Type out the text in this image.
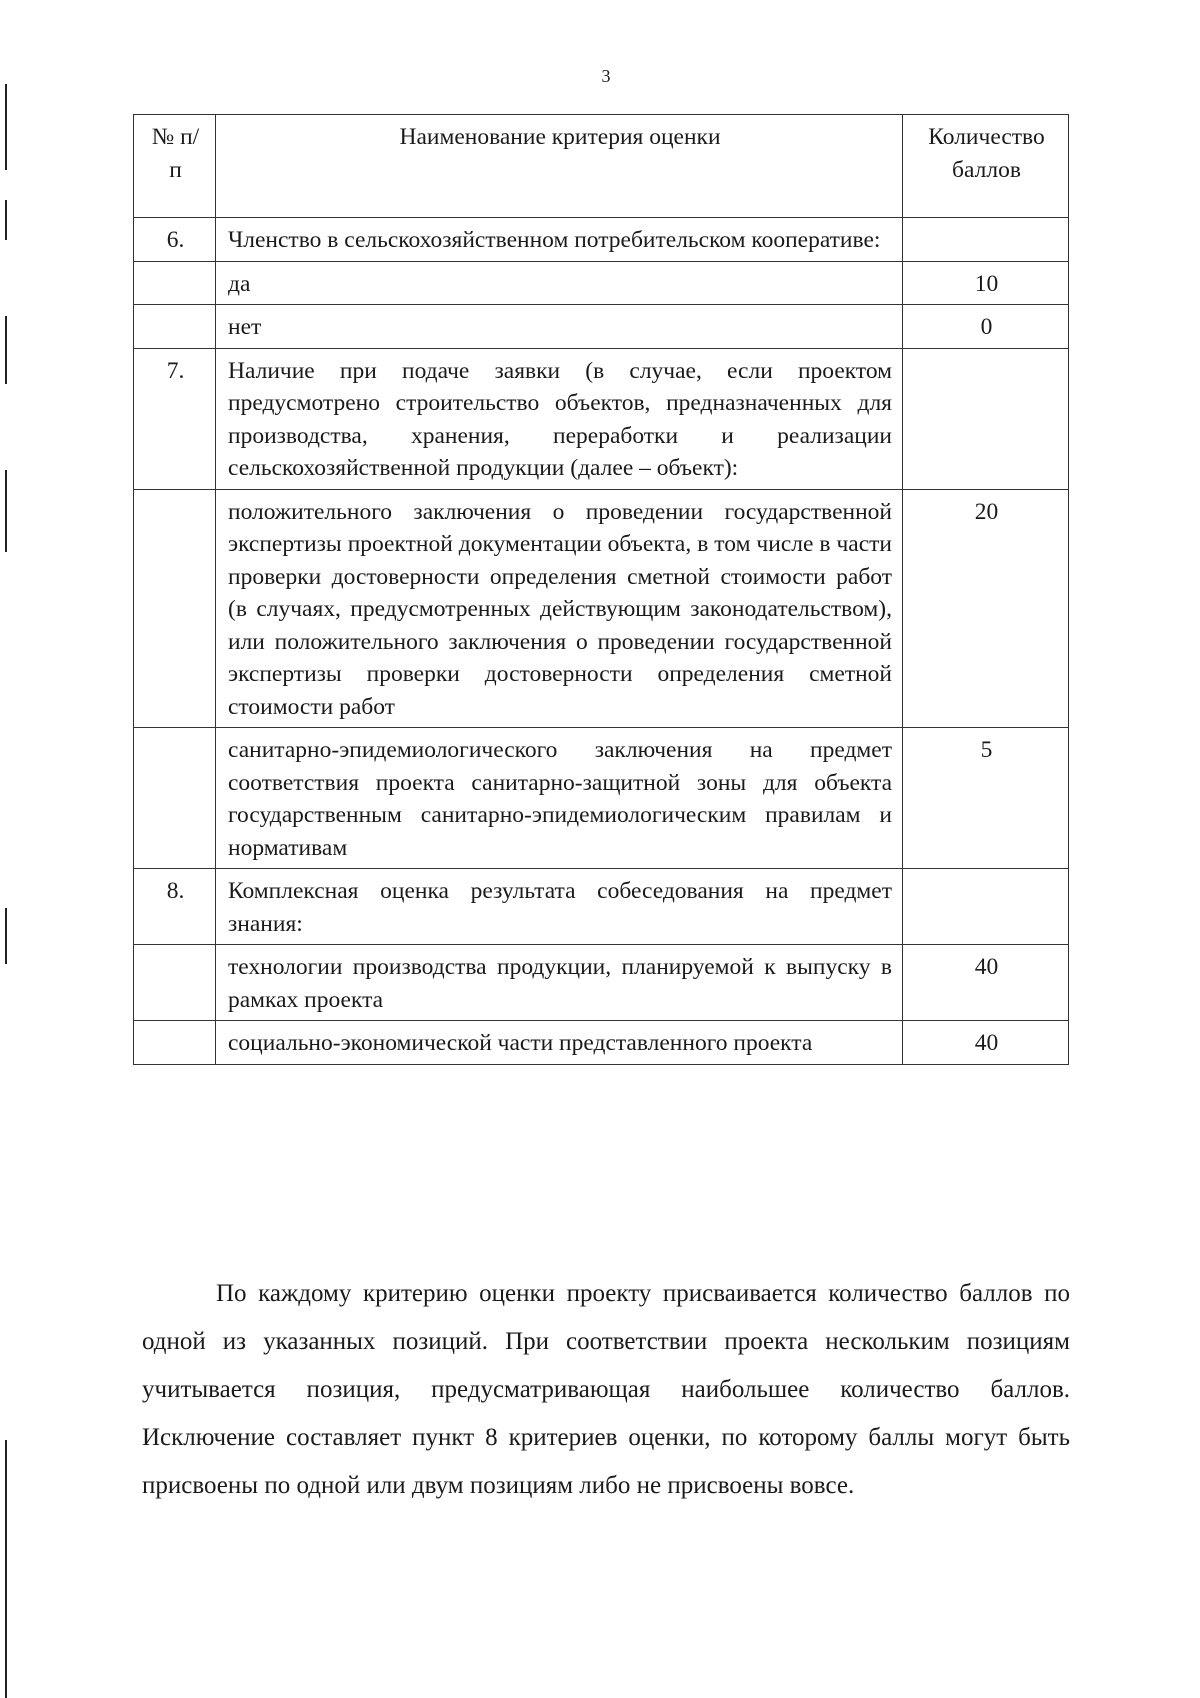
3
№ п/п	Наименование критерия оценки	Количество баллов
6.	Членство в сельскохозяйственном потребительском кооперативе:	
	да	10
	нет	0
7.	Наличие при подаче заявки (в случае, если проектом предусмотрено строительство объектов, предназначенных для производства, хранения, переработки и реализации сельскохозяйственной продукции (далее – объект):	
	положительного заключения о проведении государственной экспертизы проектной документации объекта, в том числе в части проверки достоверности определения сметной стоимости работ (в случаях, предусмотренных действующим законодательством), или положительного заключения о проведении государственной экспертизы проверки достоверности определения сметной стоимости работ	20
	санитарно-эпидемиологического заключения на предмет соответствия проекта санитарно-защитной зоны для объекта государственным санитарно-эпидемиологическим правилам и нормативам	5
8.	Комплексная оценка результата собеседования на предмет знания:	
	технологии производства продукции, планируемой к выпуску в рамках проекта	40
	социально-экономической части представленного проекта	40
По каждому критерию оценки проекту присваивается количество баллов по одной из указанных позиций. При соответствии проекта нескольким позициям учитывается позиция, предусматривающая наибольшее количество баллов. Исключение составляет пункт 8 критериев оценки, по которому баллы могут быть присвоены по одной или двум позициям либо не присвоены вовсе.
